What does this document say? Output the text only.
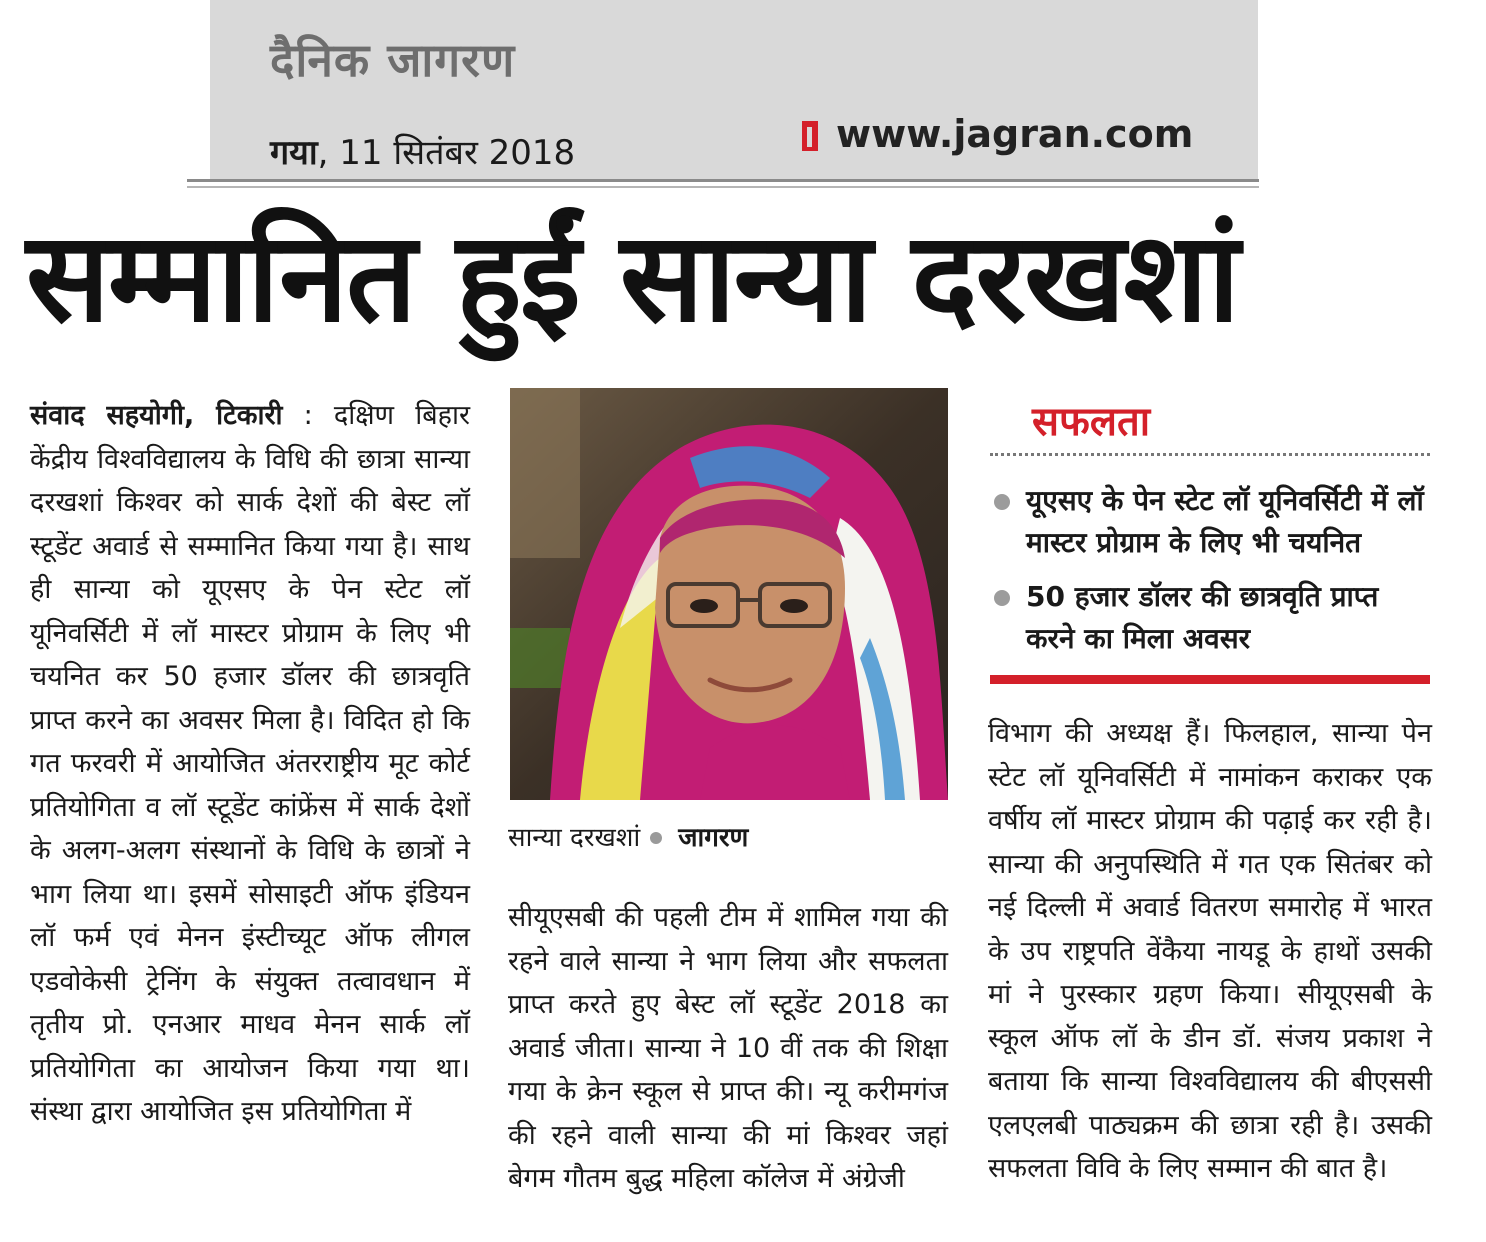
दैनिक जागरण
गया, 11 सितंबर 2018	www.jagran.com
सम्मानित हुईं सान्या दरखशां
संवाद सहयोगी, टिकारी : दक्षिण बिहार केंद्रीय विश्वविद्यालय के विधि की छात्रा सान्या दरखशां किश्वर को सार्क देशों की बेस्ट लॉ स्टूडेंट अवार्ड से सम्मानित किया गया है। साथ ही सान्या को यूएसए के पेन स्टेट लॉ यूनिवर्सिटी में लॉ मास्टर प्रोग्राम के लिए भी चयनित कर 50 हजार डॉलर की छात्रवृति प्राप्त करने का अवसर मिला है। विदित हो कि गत फरवरी में आयोजित अंतरराष्ट्रीय मूट कोर्ट प्रतियोगिता व लॉ स्टूडेंट कांफ्रेंस में सार्क देशों के अलग-अलग संस्थानों के विधि के छात्रों ने भाग लिया था। इसमें सोसाइटी ऑफ इंडियन लॉ फर्म एवं मेनन इंस्टीच्यूट ऑफ लीगल एडवोकेसी ट्रेनिंग के संयुक्त तत्वावधान में तृतीय प्रो. एनआर माधव मेनन सार्क लॉ प्रतियोगिता का आयोजन किया गया था। संस्था द्वारा आयोजित इस प्रतियोगिता में
सान्या दरखशां जागरण
सीयूएसबी की पहली टीम में शामिल गया की रहने वाले सान्या ने भाग लिया और सफलता प्राप्त करते हुए बेस्ट लॉ स्टूडेंट 2018 का अवार्ड जीता। सान्या ने 10 वीं तक की शिक्षा गया के क्रेन स्कूल से प्राप्त की। न्यू करीमगंज की रहने वाली सान्या की मां किश्वर जहां बेगम गौतम बुद्ध महिला कॉलेज में अंग्रेजी
सफलता
यूएसए के पेन स्टेट लॉ यूनिवर्सिटी में लॉ मास्टर प्रोग्राम के लिए भी चयनित
50 हजार डॉलर की छात्रवृति प्राप्त करने का मिला अवसर
विभाग की अध्यक्ष हैं। फिलहाल, सान्या पेन स्टेट लॉ यूनिवर्सिटी में नामांकन कराकर एक वर्षीय लॉ मास्टर प्रोग्राम की पढ़ाई कर रही है। सान्या की अनुपस्थिति में गत एक सितंबर को नई दिल्ली में अवार्ड वितरण समारोह में भारत के उप राष्ट्रपति वेंकैया नायडू के हाथों उसकी मां ने पुरस्कार ग्रहण किया। सीयूएसबी के स्कूल ऑफ लॉ के डीन डॉ. संजय प्रकाश ने बताया कि सान्या विश्वविद्यालय की बीएससी एलएलबी पाठ्यक्रम की छात्रा रही है। उसकी सफलता विवि के लिए सम्मान की बात है।
